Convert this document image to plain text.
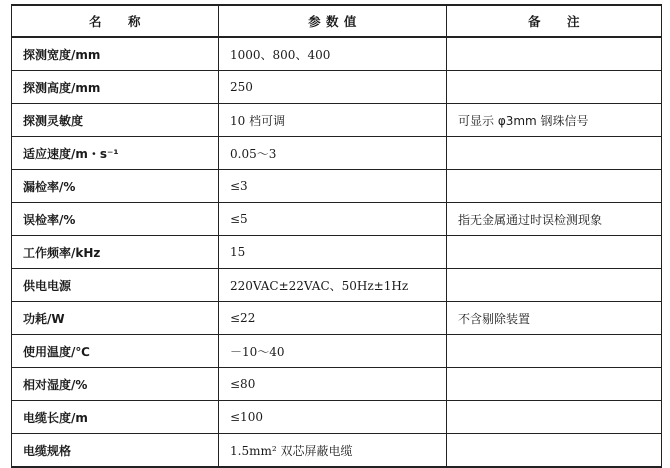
名　　称	参 数 值	备　　注
探测宽度/mm	1000、800、400	
探测高度/mm	250	
探测灵敏度	10 档可调	可显示 φ3mm 钢珠信号
适应速度/m・s⁻¹	0.05～3	
漏检率/%	≤3	
误检率/%	≤5	指无金属通过时误检测现象
工作频率/kHz	15	
供电电源	220VAC±22VAC、50Hz±1Hz	
功耗/W	≤22	不含剔除装置
使用温度/℃	－10～40	
相对湿度/%	≤80	
电缆长度/m	≤100	
电缆规格	1.5mm² 双芯屏蔽电缆	
